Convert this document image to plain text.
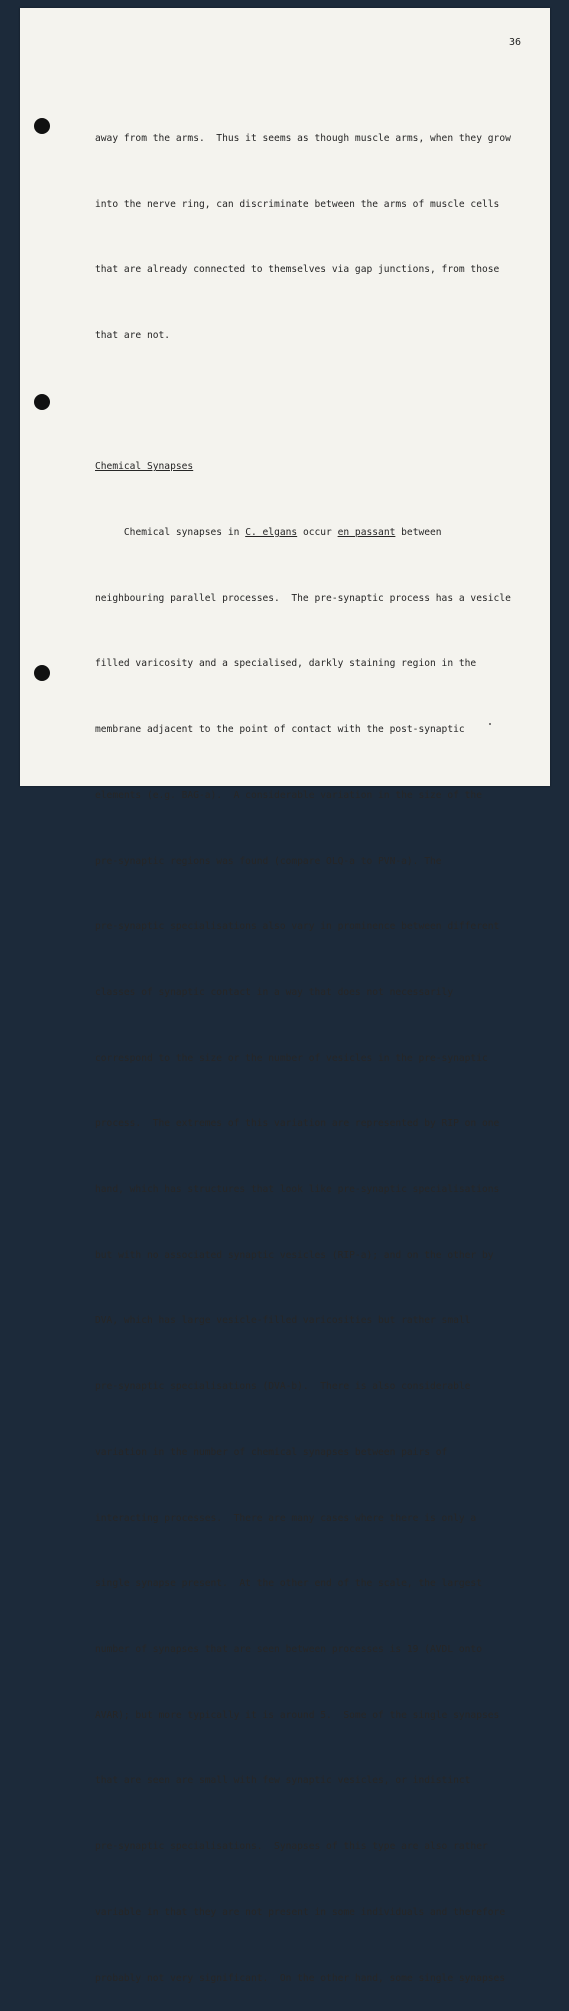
36

away from the arms.  Thus it seems as though muscle arms, when they grow

into the nerve ring, can discriminate between the arms of muscle cells

that are already connected to themselves via gap junctions, from those

that are not.

Chemical Synapses

Chemical synapses in C. elgans occur en passant between

neighbouring parallel processes.  The pre-synaptic process has a vesicle

filled varicosity and a specialised, darkly staining region in the

membrane adjacent to the point of contact with the post-synaptic

elements (e.g. BAG-a).  A considerable variation in the size of the

pre-synaptic regions was found (compare OLQ-a to PVN-a). The

pre-synaptic specialisations also vary in prominence between different

classes of synaptic contact in a way that does not necessarily

correspond to the size or the number of vesicles in the pre-synaptic

process.  The extremes of this variation are represented by RIP on one

hand, which has structures that look like pre-synaptic specialisations

but with no associated synaptic vesicles (RIP-a); and on the other by

DVA, which has large vesicle-filled varicosities but rather small

pre-synaptic specialisations (DVA-b).  There is also considerable

variation in the number of chemical synapses between pairs of

interacting processes.  There are many cases where there is only a

single synapse present.  At the other end of the scale, the largest

number of synapses that are seen between processes is 19 (AVDL onto

AVAR); but more typically it is around 5.  Some of the single synapses

that are seen are small with few synaptic vesicles, or indistinct

pre-synaptic specialisations.  Synapses of this type are also rather

variable in that they are not present in some individuals and therefore

probably not very significant.  On the other hand, some single synapses
